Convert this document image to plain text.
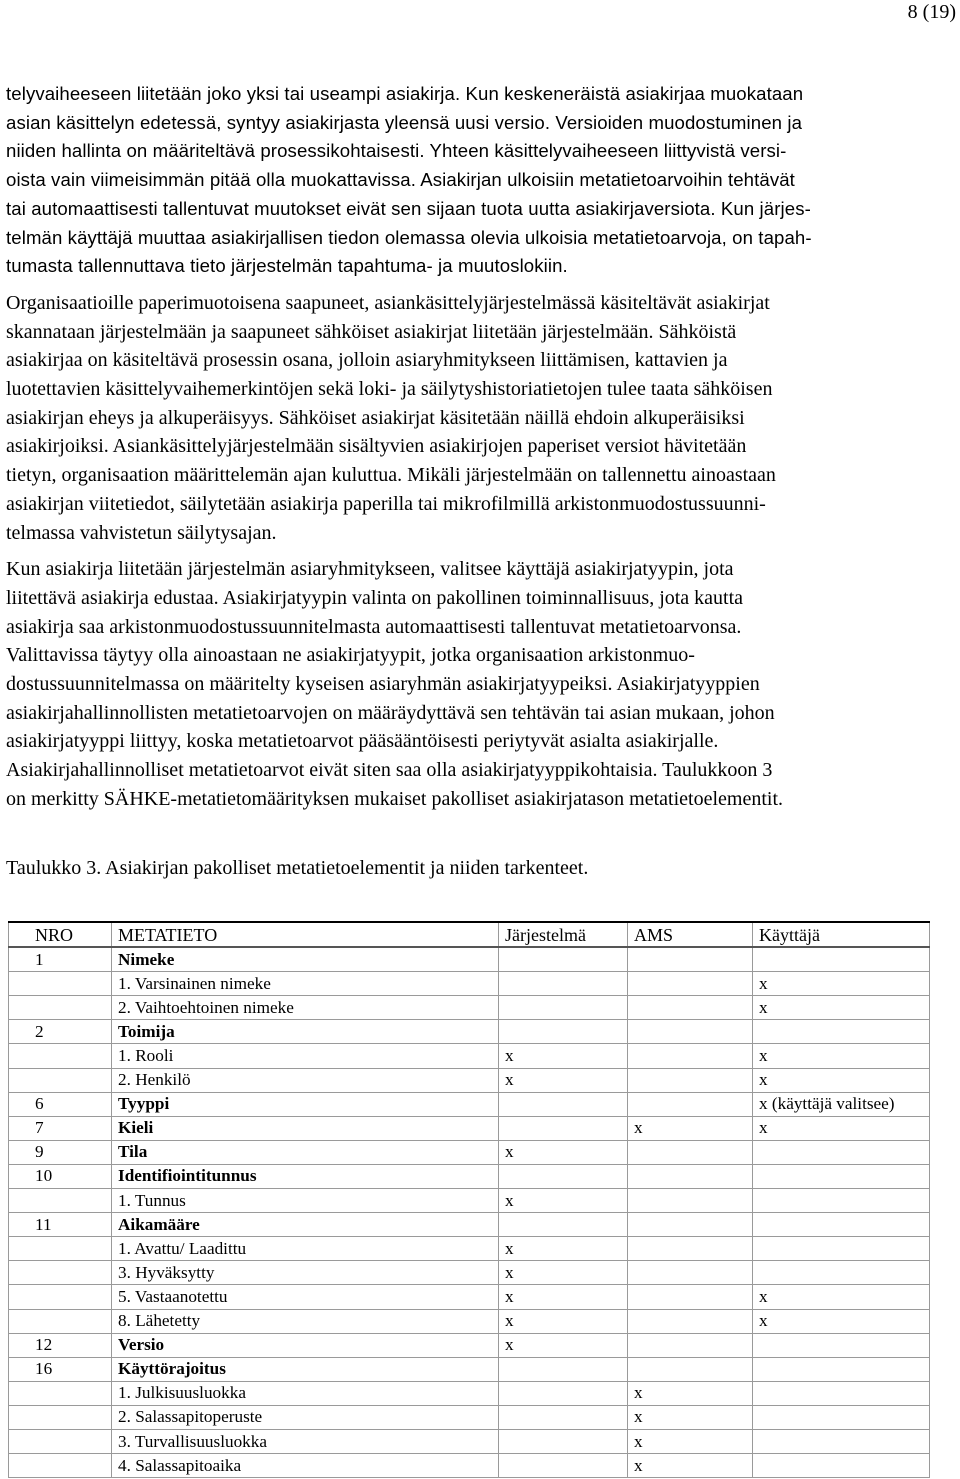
8 (19)

telyvaiheeseen liitetään joko yksi tai useampi asiakirja. Kun keskeneräistä asiakirjaa muokataan
asian käsittelyn edetessä, syntyy asiakirjasta yleensä uusi versio. Versioiden muodostuminen ja
niiden hallinta on määriteltävä prosessikohtaisesti. Yhteen käsittelyvaiheeseen liittyvistä versi-
oista vain viimeisimmän pitää olla muokattavissa. Asiakirjan ulkoisiin metatietoarvoihin tehtävät
tai automaattisesti tallentuvat muutokset eivät sen sijaan tuota uutta asiakirjaversiota. Kun järjes-
telmän käyttäjä muuttaa asiakirjallisen tiedon olemassa olevia ulkoisia metatietoarvoja, on tapah-
tumasta tallennuttava tieto järjestelmän tapahtuma- ja muutoslokiin.

Organisaatioille paperimuotoisena saapuneet, asiankäsittelyjärjestelmässä käsiteltävät asiakirjat
skannataan järjestelmään ja saapuneet sähköiset asiakirjat liitetään järjestelmään. Sähköistä
asiakirjaa on käsiteltävä prosessin osana, jolloin asiaryhmitykseen liittämisen, kattavien ja
luotettavien käsittelyvaihemerkintöjen sekä loki- ja säilytyshistoriatietojen tulee taata sähköisen
asiakirjan eheys ja alkuperäisyys. Sähköiset asiakirjat käsitetään näillä ehdoin alkuperäisiksi
asiakirjoiksi. Asiankäsittelyjärjestelmään sisältyvien asiakirjojen paperiset versiot hävitetään
tietyn, organisaation määrittelemän ajan kuluttua. Mikäli järjestelmään on tallennettu ainoastaan
asiakirjan viitetiedot, säilytetään asiakirja paperilla tai mikrofilmillä arkistonmuodostussuunni-
telmassa vahvistetun säilytysajan.

Kun asiakirja liitetään järjestelmän asiaryhmitykseen, valitsee käyttäjä asiakirjatyypin, jota
liitettävä asiakirja edustaa. Asiakirjatyypin valinta on pakollinen toiminnallisuus, jota kautta
asiakirja saa arkistonmuodostussuunnitelmasta automaattisesti tallentuvat metatietoarvonsa.
Valittavissa täytyy olla ainoastaan ne asiakirjatyypit, jotka organisaation arkistonmuo-
dostussuunnitelmassa on määritelty kyseisen asiaryhmän asiakirjatyypeiksi. Asiakirjatyyppien
asiakirjahallinnollisten metatietoarvojen on määräydyttävä sen tehtävän tai asian mukaan, johon
asiakirjatyyppi liittyy, koska metatietoarvot pääsääntöisesti periytyvät asialta asiakirjalle.
Asiakirjahallinnolliset metatietoarvot eivät siten saa olla asiakirjatyyppikohtaisia. Taulukkoon 3
on merkitty SÄHKE-metatietomäärityksen mukaiset pakolliset asiakirjatason metatietoelementit.

Taulukko 3. Asiakirjan pakolliset metatietoelementit ja niiden tarkenteet.

NRO	METATIETO	Järjestelmä	AMS	Käyttäjä
1	Nimeke			
	1. Varsinainen nimeke			x
	2. Vaihtoehtoinen nimeke			x
2	Toimija			
	1. Rooli	x		x
	2. Henkilö	x		x
6	Tyyppi			x (käyttäjä valitsee)
7	Kieli		x	x
9	Tila	x		
10	Identifiointitunnus			
	1. Tunnus	x		
11	Aikamääre			
	1. Avattu/ Laadittu	x		
	3. Hyväksytty	x		
	5. Vastaanotettu	x		x
	8. Lähetetty	x		x
12	Versio	x		
16	Käyttörajoitus			
	1. Julkisuusluokka		x	
	2. Salassapitoperuste		x	
	3. Turvallisuusluokka		x	
	4. Salassapitoaika		x	
